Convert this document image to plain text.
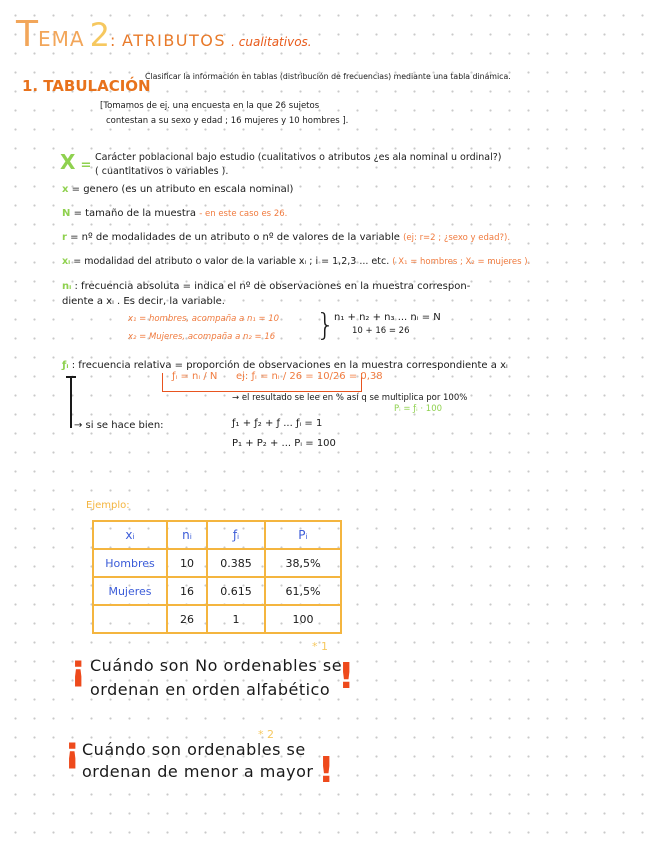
TEMA 2: ATRIBUTOS . cualitativos.
1. TABULACIÓN
Clasificar la información en tablas (distribución de frecuencias) mediante una tabla dinámica.
[Tomamos de ej. una encuesta en la que 26 sujetos
contestan a su sexo y edad ; 16 mujeres y 10 hombres ].
X =
Carácter poblacional bajo estudio (cualitativos o atributos ¿es ala nominal u ordinal?)
( cuantitativos o variables ).
x = genero (es un atributo en escala nominal)
N = tamaño de la muestra - en este caso es 26.
r = nº de modalidades de un atributo o nº de valores de la variable (ej: r=2 ; ¿sexo y edad?).
xᵢ = modalidad del atributo o valor de la variable xᵢ ; i = 1,2,3 ... etc. ( X₁ = hombres ; X₂ = mujeres ).
nᵢ : frecuencia absoluta = indica el nº de observaciones en la muestra correspon-
diente a xᵢ . Es decir, la variable.
x₁ = hombres, acompaña a n₁ = 10
x₂ = Mujeres, acompaña a n₂ = 16 }
n₁ + n₂ + n₃ ... nᵢ = N
10 + 16 = 26
ƒᵢ : frecuencia relativa = proporción de observaciones en la muestra correspondiente a xᵢ
ƒᵢ = nᵢ / N ej: ƒᵢ = nᵢ / 26 = 10/26 = 0,38
→ el resultado se lee en % así q se multiplica por 100%
Pᵢ = ƒᵢ · 100
→ si se hace bien:	ƒ₁ + ƒ₂ + ƒ ... ƒᵢ = 1
P₁ + P₂ + ... Pᵢ = 100
Ejemplo:
xᵢ	nᵢ	ƒᵢ	Pᵢ
Hombres	10	0.385	38,5%
Mujeres	16	0.615	61,5%
	26	1	100
¡ Cuándo son No ordenables se
* 1
ordenan en orden alfabético !
¡ Cuándo son ordenables se
* 2
ordenan de menor a mayor !
